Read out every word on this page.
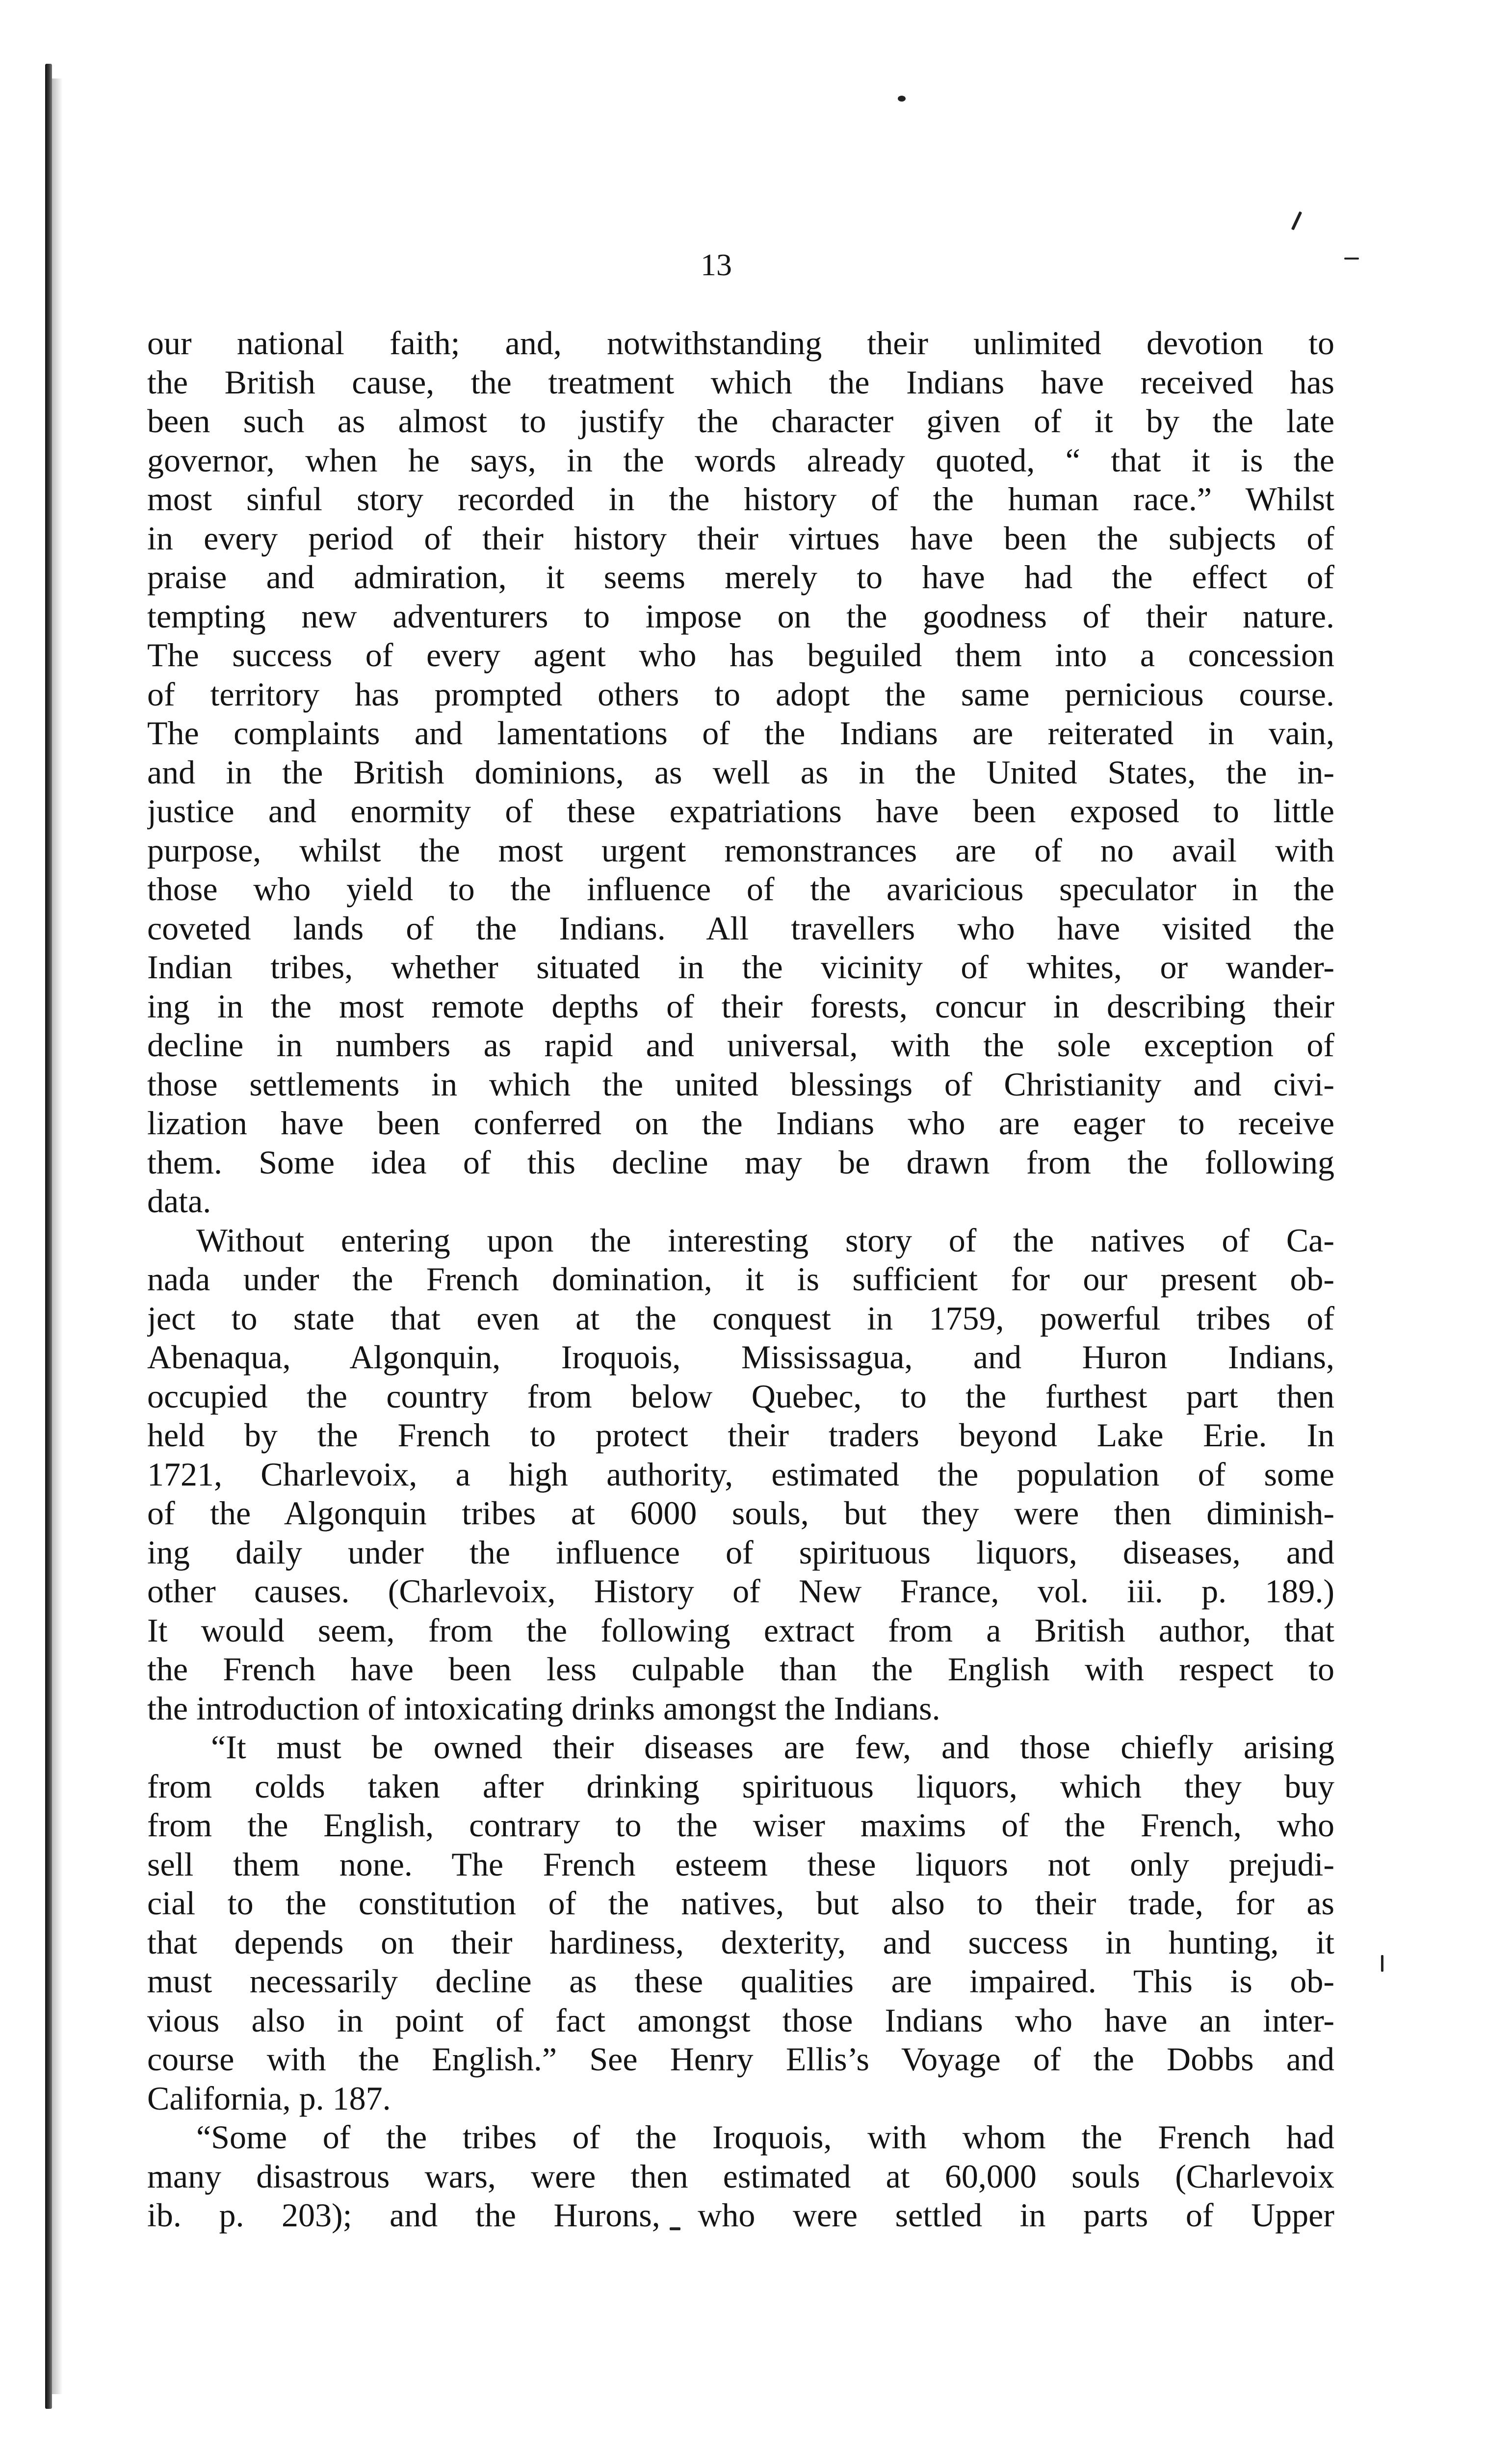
13
our national faith; and, notwithstanding their unlimited devotion to
the British cause, the treatment which the Indians have received has
been such as almost to justify the character given of it by the late
governor, when he says, in the words already quoted, “ that it is the
most sinful story recorded in the history of the human race.” Whilst
in every period of their history their virtues have been the subjects of
praise and admiration, it seems merely to have had the effect of
tempting new adventurers to impose on the goodness of their nature.
The success of every agent who has beguiled them into a concession
of territory has prompted others to adopt the same pernicious course.
The complaints and lamentations of the Indians are reiterated in vain,
and in the British dominions, as well as in the United States, the in-
justice and enormity of these expatriations have been exposed to little
purpose, whilst the most urgent remonstrances are of no avail with
those who yield to the influence of the avaricious speculator in the
coveted lands of the Indians. All travellers who have visited the
Indian tribes, whether situated in the vicinity of whites, or wander-
ing in the most remote depths of their forests, concur in describing their
decline in numbers as rapid and universal, with the sole exception of
those settlements in which the united blessings of Christianity and civi-
lization have been conferred on the Indians who are eager to receive
them. Some idea of this decline may be drawn from the following
data.
Without entering upon the interesting story of the natives of Ca-
nada under the French domination, it is sufficient for our present ob-
ject to state that even at the conquest in 1759, powerful tribes of
Abenaqua, Algonquin, Iroquois, Mississagua, and Huron Indians,
occupied the country from below Quebec, to the furthest part then
held by the French to protect their traders beyond Lake Erie. In
1721, Charlevoix, a high authority, estimated the population of some
of the Algonquin tribes at 6000 souls, but they were then diminish-
ing daily under the influence of spirituous liquors, diseases, and
other causes. (Charlevoix, History of New France, vol. iii. p. 189.)
It would seem, from the following extract from a British author, that
the French have been less culpable than the English with respect to
the introduction of intoxicating drinks amongst the Indians.
“It must be owned their diseases are few, and those chiefly arising
from colds taken after drinking spirituous liquors, which they buy
from the English, contrary to the wiser maxims of the French, who
sell them none. The French esteem these liquors not only prejudi-
cial to the constitution of the natives, but also to their trade, for as
that depends on their hardiness, dexterity, and success in hunting, it
must necessarily decline as these qualities are impaired. This is ob-
vious also in point of fact amongst those Indians who have an inter-
course with the English.” See Henry Ellis’s Voyage of the Dobbs and
California, p. 187.
“Some of the tribes of the Iroquois, with whom the French had
many disastrous wars, were then estimated at 60,000 souls (Charlevoix
ib. p. 203); and the Hurons, who were settled in parts of Upper
